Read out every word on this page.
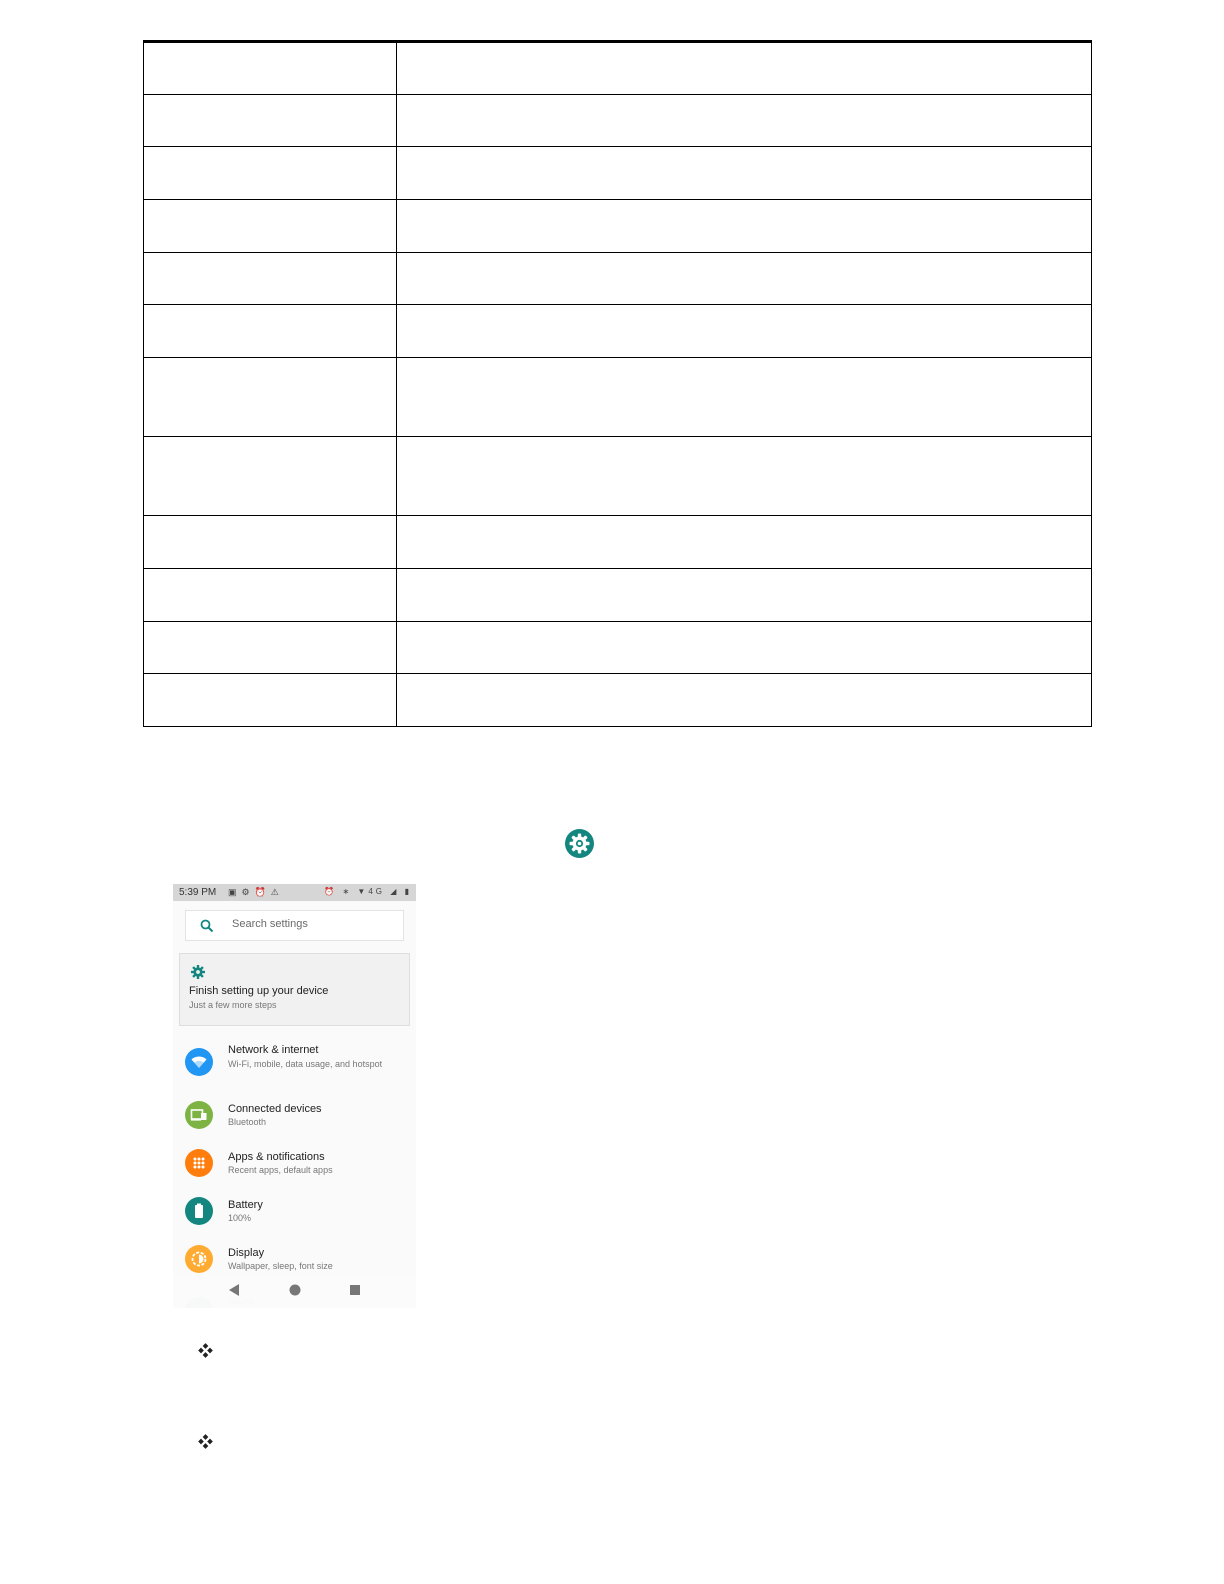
5:39 PM ▣⚙⏰⚠	⏰ ∗ ▼4G ◢ ▮
Search settings
Finish setting up your device
Just a few more steps
Network & internet
Wi-Fi, mobile, data usage, and hotspot
Connected devices
Bluetooth
Apps & notifications
Recent apps, default apps
Battery
100%
Display
Wallpaper, sleep, font size
